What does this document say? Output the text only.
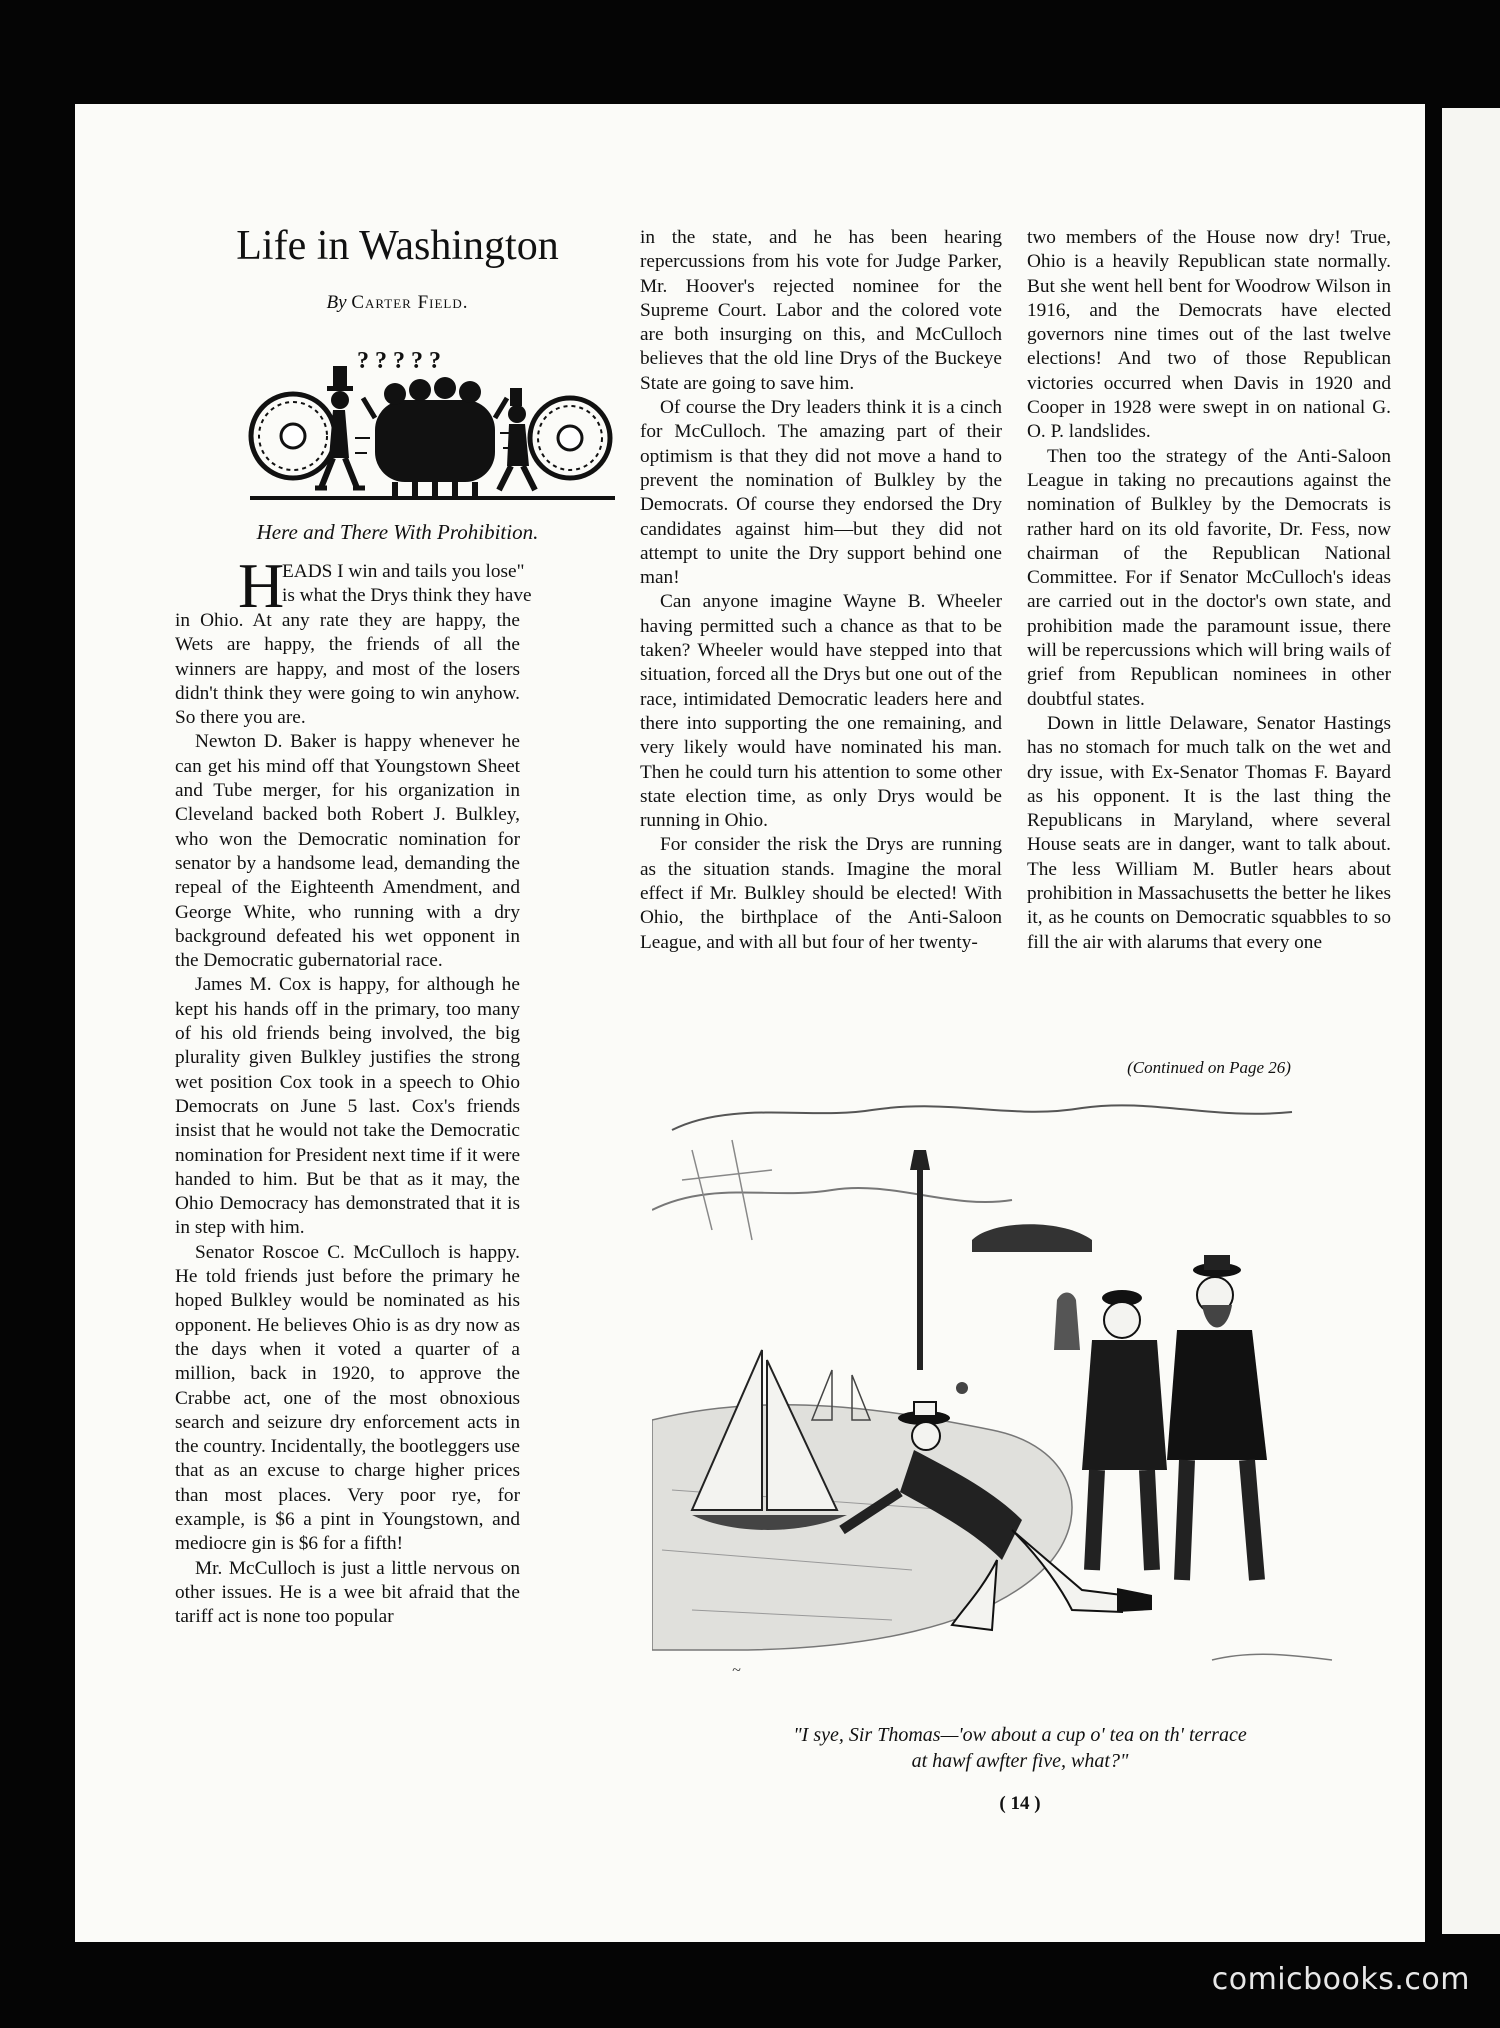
Life in Washington
By Carter Field.
? ? ? ? ?
Here and There With Prohibition.
H
EADS I win and tails you lose"
is what the Drys think they have

in Ohio. At any rate they are happy, the Wets are happy, the friends of all the winners are happy, and most of the losers didn't think they were going to win anyhow. So there you are.

Newton D. Baker is happy whenever he can get his mind off that Youngstown Sheet and Tube merger, for his organization in Cleveland backed both Robert J. Bulkley, who won the Democratic nomination for senator by a handsome lead, demanding the repeal of the Eighteenth Amendment, and George White, who running with a dry background defeated his wet opponent in the Democratic gubernatorial race.

James M. Cox is happy, for although he kept his hands off in the primary, too many of his old friends being involved, the big plurality given Bulkley justifies the strong wet position Cox took in a speech to Ohio Democrats on June 5 last. Cox's friends insist that he would not take the Democratic nomination for President next time if it were handed to him. But be that as it may, the Ohio Democracy has demonstrated that it is in step with him.

Senator Roscoe C. McCulloch is happy. He told friends just before the primary he hoped Bulkley would be nominated as his opponent. He believes Ohio is as dry now as the days when it voted a quarter of a million, back in 1920, to approve the Crabbe act, one of the most obnoxious search and seizure dry enforcement acts in the country. Incidentally, the bootleggers use that as an excuse to charge higher prices than most places. Very poor rye, for example, is $6 a pint in Youngstown, and mediocre gin is $6 for a fifth!

Mr. McCulloch is just a little nervous on other issues. He is a wee bit afraid that the tariff act is none too popular

in the state, and he has been hearing repercussions from his vote for Judge Parker, Mr. Hoover's rejected nominee for the Supreme Court. Labor and the colored vote are both insurging on this, and McCulloch believes that the old line Drys of the Buckeye State are going to save him.

Of course the Dry leaders think it is a cinch for McCulloch. The amazing part of their optimism is that they did not move a hand to prevent the nomination of Bulkley by the Democrats. Of course they endorsed the Dry candidates against him—but they did not attempt to unite the Dry support behind one man!

Can anyone imagine Wayne B. Wheeler having permitted such a chance as that to be taken? Wheeler would have stepped into that situation, forced all the Drys but one out of the race, intimidated Democratic leaders here and there into supporting the one remaining, and very likely would have nominated his man. Then he could turn his attention to some other state election time, as only Drys would be running in Ohio.

For consider the risk the Drys are running as the situation stands. Imagine the moral effect if Mr. Bulkley should be elected! With Ohio, the birthplace of the Anti-Saloon League, and with all but four of her twenty-

two members of the House now dry! True, Ohio is a heavily Republican state normally. But she went hell bent for Woodrow Wilson in 1916, and the Democrats have elected governors nine times out of the last twelve elections! And two of those Republican victories occurred when Davis in 1920 and Cooper in 1928 were swept in on national G. O. P. landslides.

Then too the strategy of the Anti-Saloon League in taking no precautions against the nomination of Bulkley by the Democrats is rather hard on its old favorite, Dr. Fess, now chairman of the Republican National Committee. For if Senator McCulloch's ideas are carried out in the doctor's own state, and prohibition made the paramount issue, there will be repercussions which will bring wails of grief from Republican nominees in other doubtful states.

Down in little Delaware, Senator Hastings has no stomach for much talk on the wet and dry issue, with Ex-Senator Thomas F. Bayard as his opponent. It is the last thing the Republicans in Maryland, where several House seats are in danger, want to talk about. The less William M. Butler hears about prohibition in Massachusetts the better he likes it, as he counts on Democratic squabbles to so fill the air with alarums that every one

(Continued on Page 26)
~
"I sye, Sir Thomas—'ow about a cup o' tea on th' terrace
at hawf awfter five, what?"
( 14 )
comicbooks.com
